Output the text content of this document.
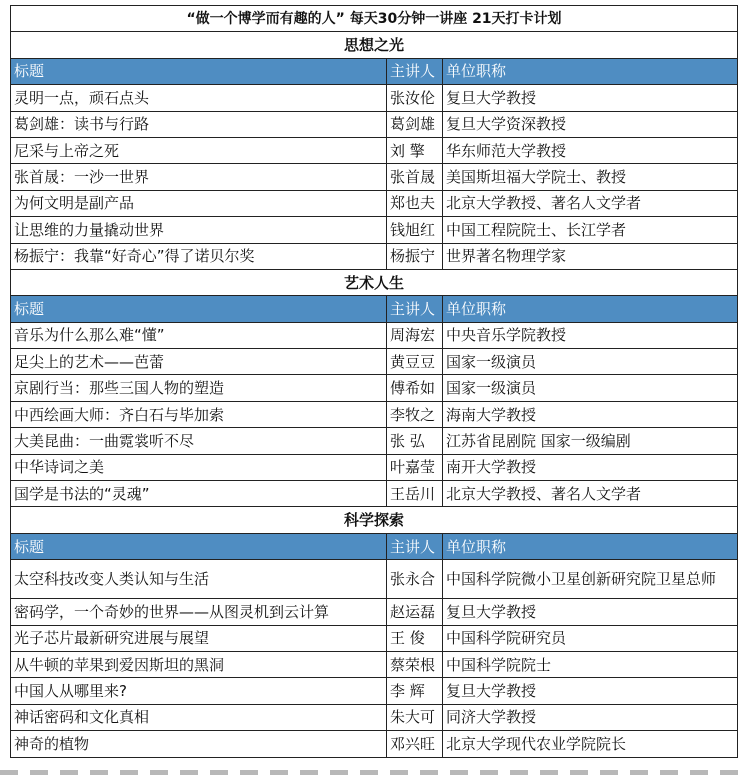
“做一个博学而有趣的人” 每天30分钟一讲座 21天打卡计划		
思想之光		
标题	主讲人	单位职称
灵明一点，顽石点头	张汝伦	复旦大学教授
葛剑雄：读书与行路	葛剑雄	复旦大学资深教授
尼采与上帝之死	刘 擎	华东师范大学教授
张首晟：一沙一世界	张首晟	美国斯坦福大学院士、教授
为何文明是副产品	郑也夫	北京大学教授、著名人文学者
让思维的力量撬动世界	钱旭红	中国工程院院士、长江学者
杨振宁：我靠“好奇心”得了诺贝尔奖	杨振宁	世界著名物理学家
艺术人生		
标题	主讲人	单位职称
音乐为什么那么难“懂”	周海宏	中央音乐学院教授
足尖上的艺术——芭蕾	黄豆豆	国家一级演员
京剧行当：那些三国人物的塑造	傅希如	国家一级演员
中西绘画大师：齐白石与毕加索	李牧之	海南大学教授
大美昆曲：一曲霓裳听不尽	张 弘	江苏省昆剧院 国家一级编剧
中华诗词之美	叶嘉莹	南开大学教授
国学是书法的“灵魂”	王岳川	北京大学教授、著名人文学者
科学探索		
标题	主讲人	单位职称
太空科技改变人类认知与生活	张永合	中国科学院微小卫星创新研究院卫星总师
密码学，一个奇妙的世界——从图灵机到云计算	赵运磊	复旦大学教授
光子芯片最新研究进展与展望	王 俊	中国科学院研究员
从牛顿的苹果到爱因斯坦的黑洞	蔡荣根	中国科学院院士
中国人从哪里来?	李 辉	复旦大学教授
神话密码和文化真相	朱大可	同济大学教授
神奇的植物	邓兴旺	北京大学现代农业学院院长
